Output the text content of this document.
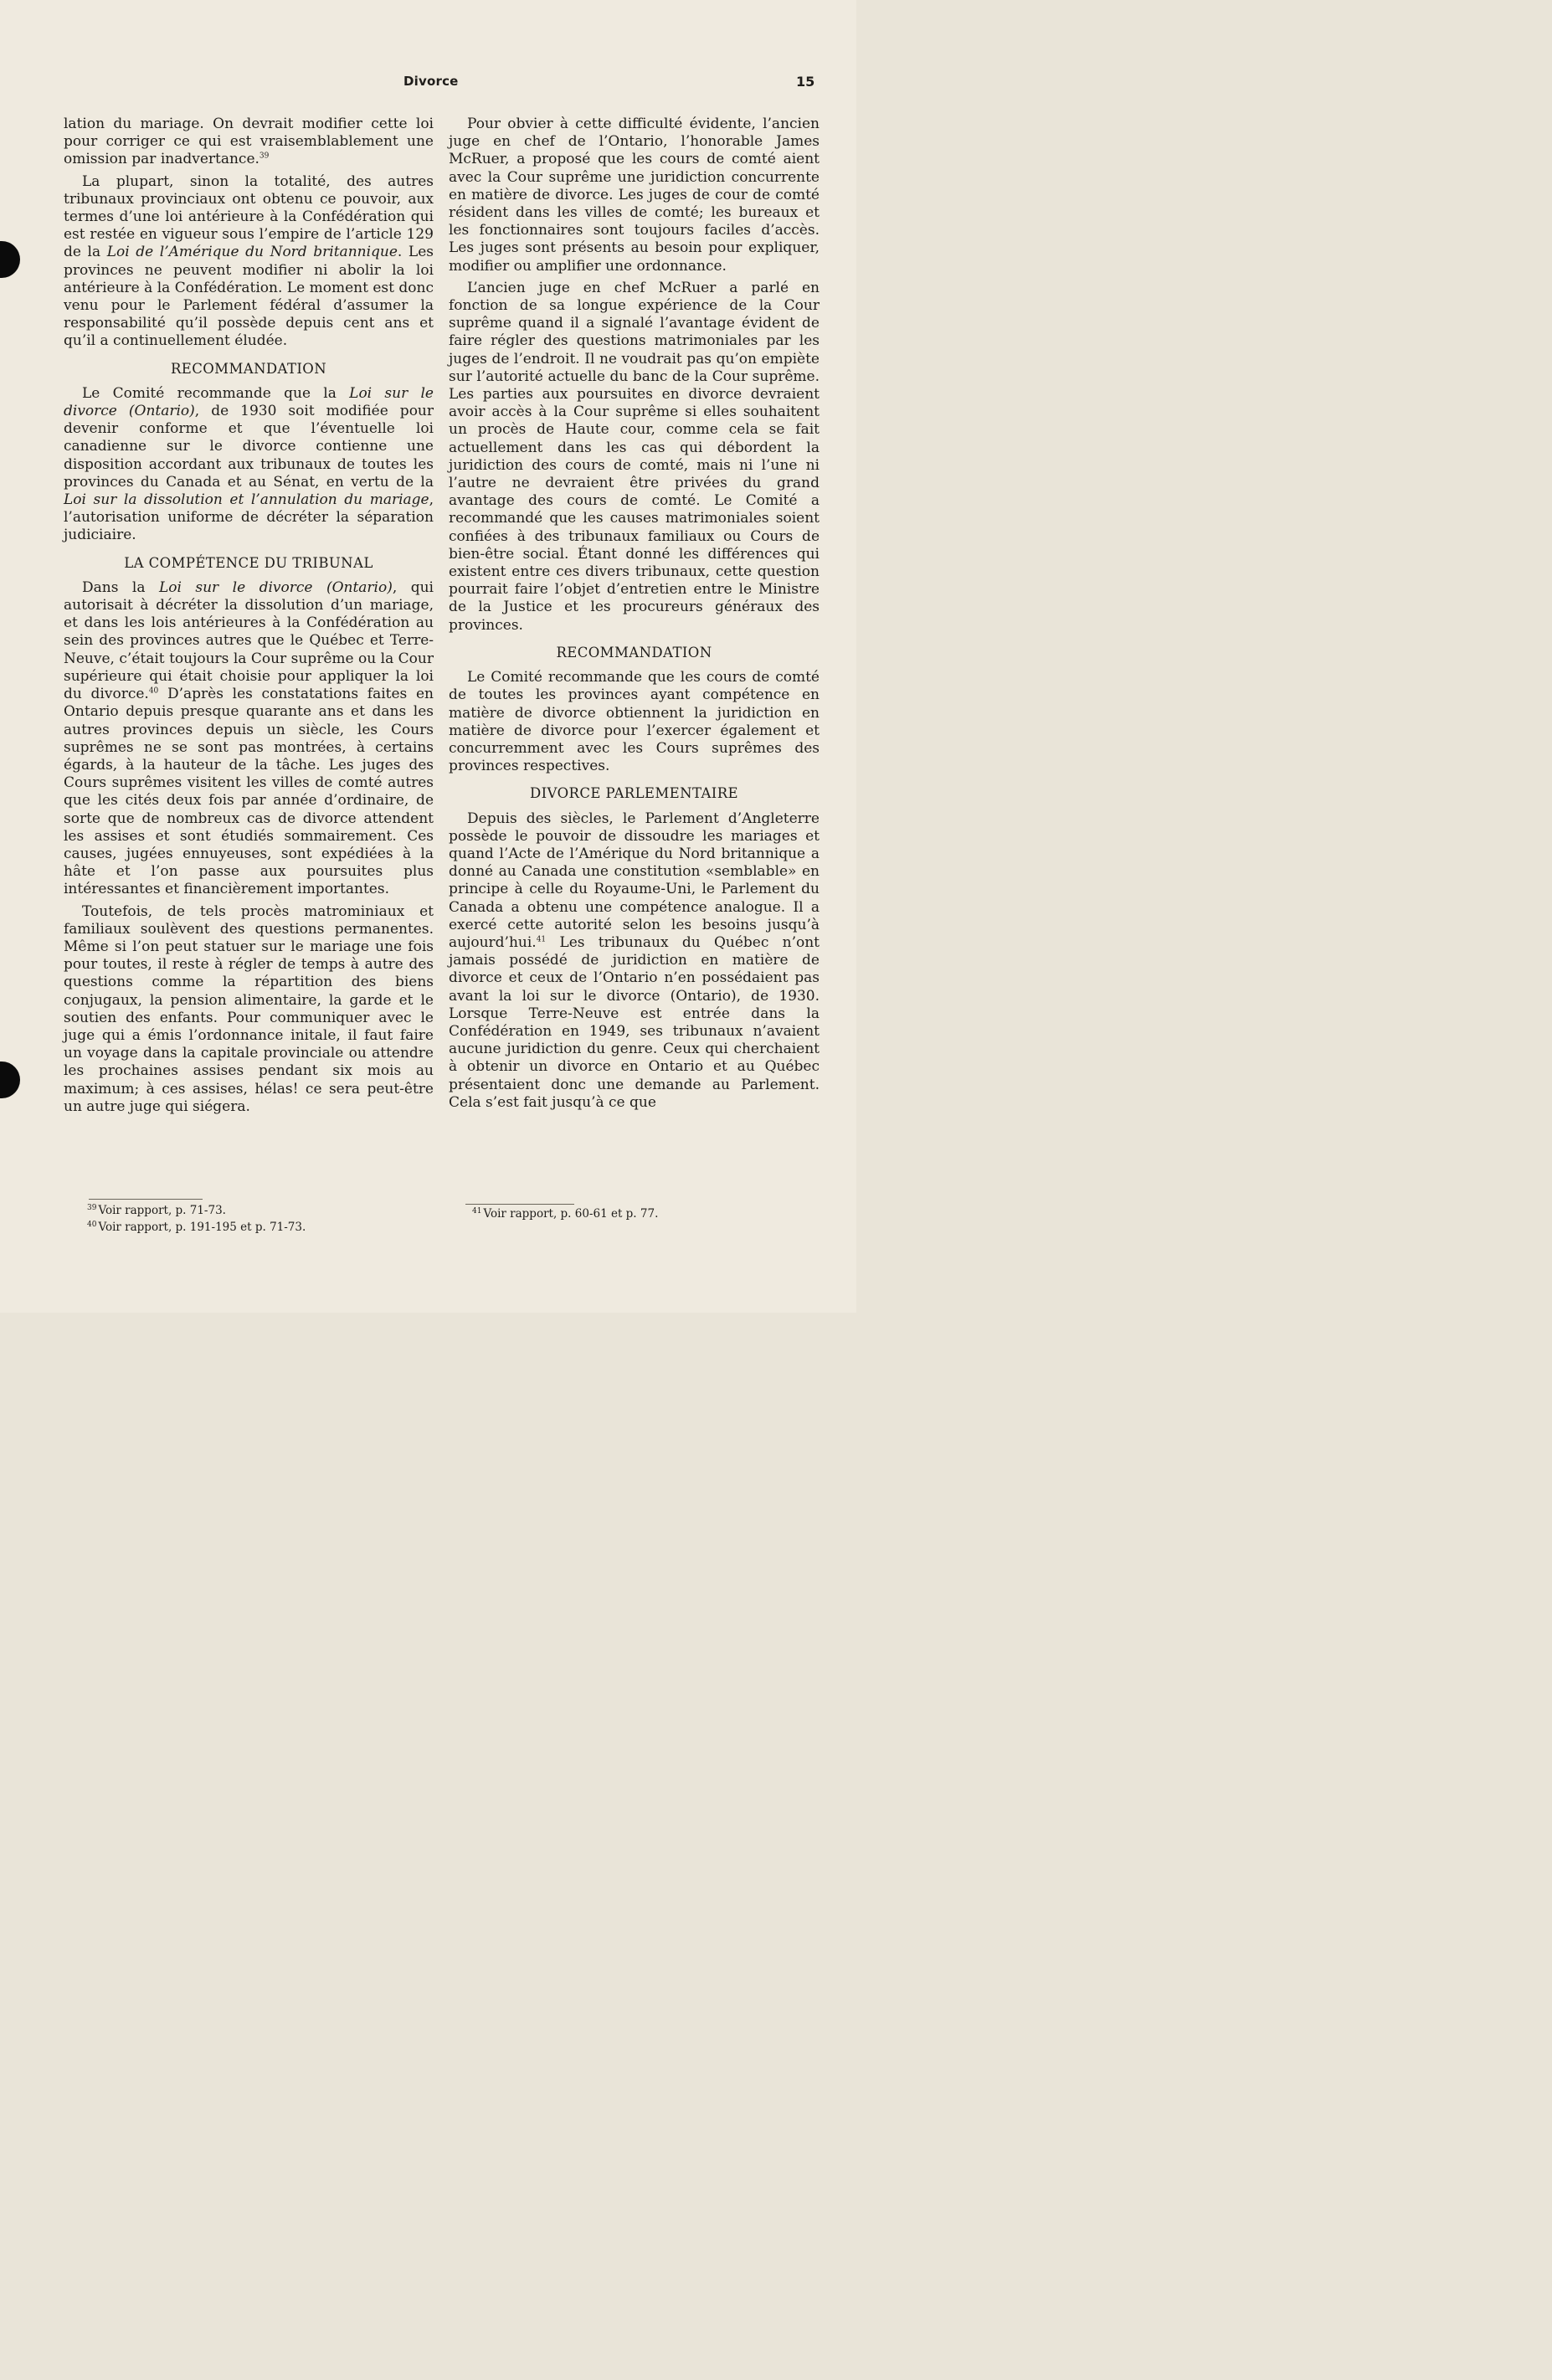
Divorce	15

lation du mariage. On devrait modifier cette loi pour corriger ce qui est vraisemblablement une omission par inadvertance.$^{39}$

La plupart, sinon la totalité, des autres tribunaux provinciaux ont obtenu ce pouvoir, aux termes d’une loi antérieure à la Confédération qui est restée en vigueur sous l’empire de l’article 129 de la Loi de l’Amérique du Nord britannique. Les provinces ne peuvent modifier ni abolir la loi antérieure à la Confédération. Le moment est donc venu pour le Parlement fédéral d’assumer la responsabilité qu’il possède depuis cent ans et qu’il a continuellement éludée.

RECOMMANDATION

Le Comité recommande que la Loi sur le divorce (Ontario), de 1930 soit modifiée pour devenir conforme et que l’éventuelle loi canadienne sur le divorce contienne une disposition accordant aux tribunaux de toutes les provinces du Canada et au Sénat, en vertu de la Loi sur la dissolution et l’annulation du mariage, l’autorisation uniforme de décréter la séparation judiciaire.

LA COMPÉTENCE DU TRIBUNAL

Dans la Loi sur le divorce (Ontario), qui autorisait à décréter la dissolution d’un mariage, et dans les lois antérieures à la Confédération au sein des provinces autres que le Québec et Terre-Neuve, c’était toujours la Cour suprême ou la Cour supérieure qui était choisie pour appliquer la loi du divorce.$^{40}$ D’après les constatations faites en Ontario depuis presque quarante ans et dans les autres provinces depuis un siècle, les Cours suprêmes ne se sont pas montrées, à certains égards, à la hauteur de la tâche. Les juges des Cours suprêmes visitent les villes de comté autres que les cités deux fois par année d’ordinaire, de sorte que de nombreux cas de divorce attendent les assises et sont étudiés sommairement. Ces causes, jugées ennuyeuses, sont expédiées à la hâte et l’on passe aux poursuites plus intéressantes et financièrement importantes.

Toutefois, de tels procès matrominiaux et familiaux soulèvent des questions permanentes. Même si l’on peut statuer sur le mariage une fois pour toutes, il reste à régler de temps à autre des questions comme la répartition des biens conjugaux, la pension alimentaire, la garde et le soutien des enfants. Pour communiquer avec le juge qui a émis l’ordonnance initale, il faut faire un voyage dans la capitale provinciale ou attendre les prochaines assises pendant six mois au maximum; à ces assises, hélas! ce sera peut-être un autre juge qui siégera.

Pour obvier à cette difficulté évidente, l’ancien juge en chef de l’Ontario, l’honorable James McRuer, a proposé que les cours de comté aient avec la Cour suprême une juridiction concurrente en matière de divorce. Les juges de cour de comté résident dans les villes de comté; les bureaux et les fonctionnaires sont toujours faciles d’accès. Les juges sont présents au besoin pour expliquer, modifier ou amplifier une ordonnance.

L’ancien juge en chef McRuer a parlé en fonction de sa longue expérience de la Cour suprême quand il a signalé l’avantage évident de faire régler des questions matrimoniales par les juges de l’endroit. Il ne voudrait pas qu’on empiète sur l’autorité actuelle du banc de la Cour suprême. Les parties aux poursuites en divorce devraient avoir accès à la Cour suprême si elles souhaitent un procès de Haute cour, comme cela se fait actuellement dans les cas qui débordent la juridiction des cours de comté, mais ni l’une ni l’autre ne devraient être privées du grand avantage des cours de comté. Le Comité a recommandé que les causes matrimoniales soient confiées à des tribunaux familiaux ou Cours de bien-être social. Étant donné les différences qui existent entre ces divers tribunaux, cette question pourrait faire l’objet d’entretien entre le Ministre de la Justice et les procureurs généraux des provinces.

RECOMMANDATION

Le Comité recommande que les cours de comté de toutes les provinces ayant compétence en matière de divorce obtiennent la juridiction en matière de divorce pour l’exercer également et concurremment avec les Cours suprêmes des provinces respectives.

DIVORCE PARLEMENTAIRE

Depuis des siècles, le Parlement d’Angleterre possède le pouvoir de dissoudre les mariages et quand l’Acte de l’Amérique du Nord britannique a donné au Canada une constitution «semblable» en principe à celle du Royaume-Uni, le Parlement du Canada a obtenu une compétence analogue. Il a exercé cette autorité selon les besoins jusqu’à aujourd’hui.$^{41}$ Les tribunaux du Québec n’ont jamais possédé de juridiction en matière de divorce et ceux de l’Ontario n’en possédaient pas avant la loi sur le divorce (Ontario), de 1930. Lorsque Terre-Neuve est entrée dans la Confédération en 1949, ses tribunaux n’avaient aucune juridiction du genre. Ceux qui cherchaient à obtenir un divorce en Ontario et au Québec présentaient donc une demande au Parlement. Cela s’est fait jusqu’à ce que

$^{39}$ Voir rapport, p. 71-73.
$^{40}$ Voir rapport, p. 191-195 et p. 71-73.
$^{41}$ Voir rapport, p. 60-61 et p. 77.
